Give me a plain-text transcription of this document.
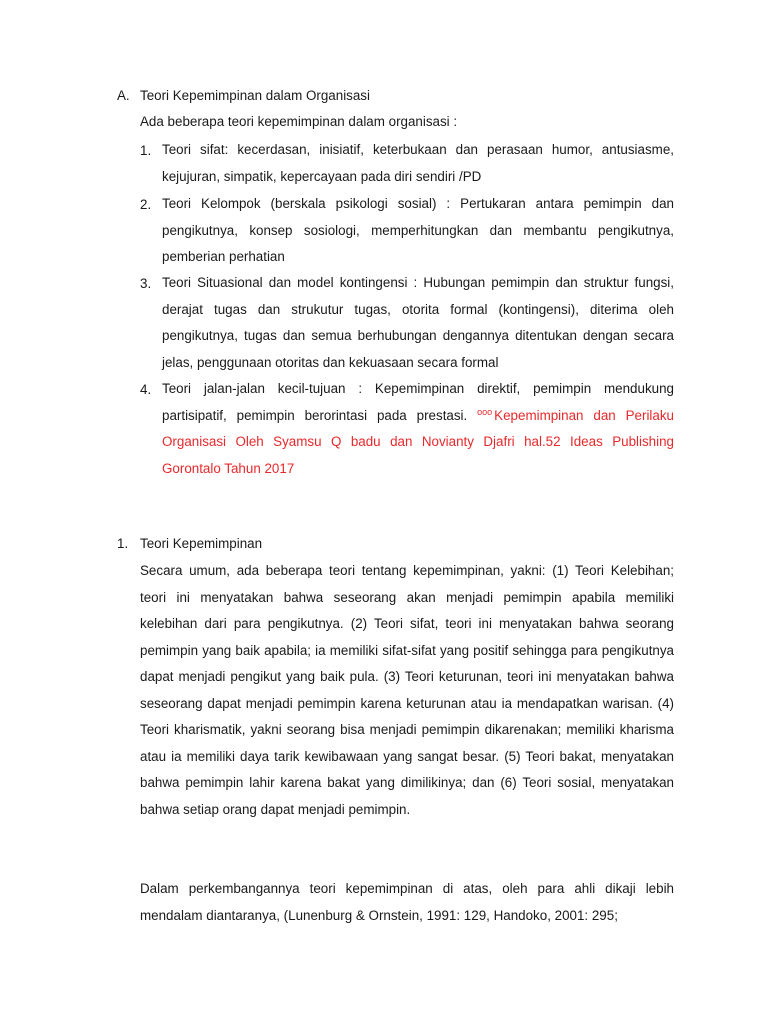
A. Teori Kepemimpinan dalam Organisasi
Ada beberapa teori kepemimpinan dalam organisasi :
1. Teori sifat: kecerdasan, inisiatif, keterbukaan dan perasaan humor, antusiasme, kejujuran, simpatik, kepercayaan pada diri sendiri /PD
2. Teori Kelompok (berskala psikologi sosial) : Pertukaran antara pemimpin dan pengikutnya, konsep sosiologi, memperhitungkan dan membantu pengikutnya, pemberian perhatian
3. Teori Situasional dan model kontingensi : Hubungan pemimpin dan struktur fungsi, derajat tugas dan strukutur tugas, otorita formal (kontingensi), diterima oleh pengikutnya, tugas dan semua berhubungan dengannya ditentukan dengan secara jelas, penggunaan otoritas dan kekuasaan secara formal
4. Teori jalan-jalan kecil-tujuan : Kepemimpinan direktif, pemimpin mendukung partisipatif, pemimpin berorintasi pada prestasi. $^{ooo}$ Kepemimpinan dan Perilaku Organisasi Oleh Syamsu Q badu dan Novianty Djafri hal.52 Ideas Publishing Gorontalo Tahun 2017
1. Teori Kepemimpinan
Secara umum, ada beberapa teori tentang kepemimpinan, yakni: (1) Teori Kelebihan; teori ini menyatakan bahwa seseorang akan menjadi pemimpin apabila memiliki kelebihan dari para pengikutnya. (2) Teori sifat, teori ini menyatakan bahwa seorang pemimpin yang baik apabila; ia memiliki sifat-sifat yang positif sehingga para pengikutnya dapat menjadi pengikut yang baik pula. (3) Teori keturunan, teori ini menyatakan bahwa seseorang dapat menjadi pemimpin karena keturunan atau ia mendapatkan warisan. (4) Teori kharismatik, yakni seorang bisa menjadi pemimpin dikarenakan; memiliki kharisma atau ia memiliki daya tarik kewibawaan yang sangat besar. (5) Teori bakat, menyatakan bahwa pemimpin lahir karena bakat yang dimilikinya; dan (6) Teori sosial, menyatakan bahwa setiap orang dapat menjadi pemimpin.
Dalam perkembangannya teori kepemimpinan di atas, oleh para ahli dikaji lebih mendalam diantaranya, (Lunenburg & Ornstein, 1991: 129, Handoko, 2001: 295;
